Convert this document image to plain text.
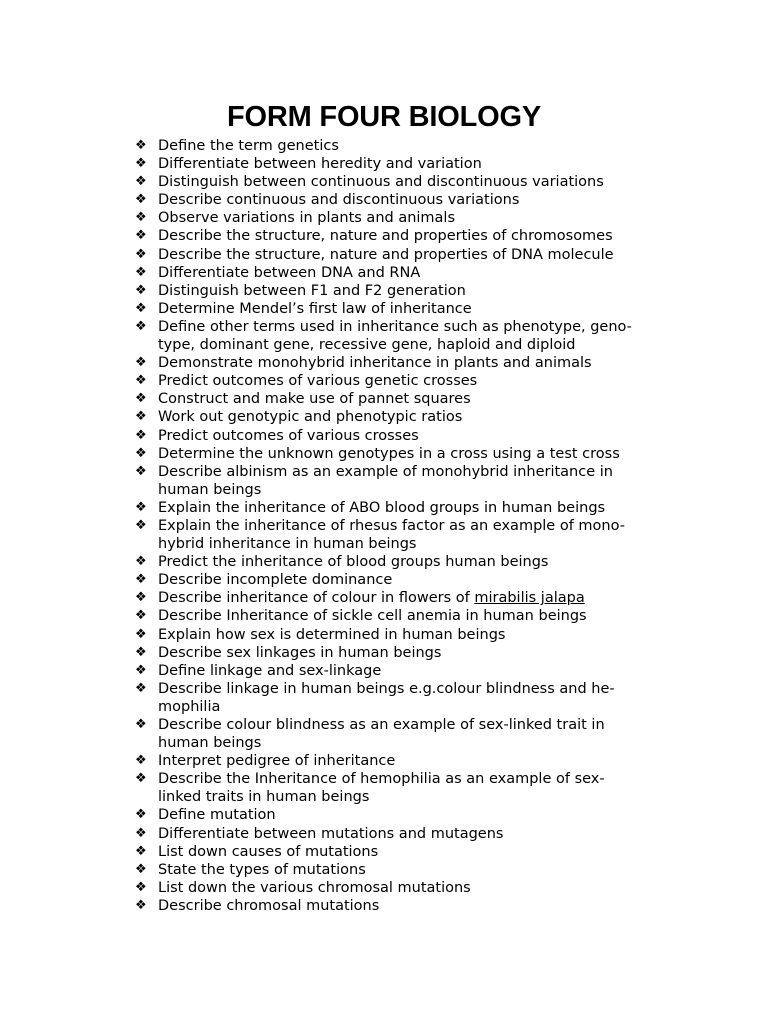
FORM FOUR BIOLOGY
❖ Define the term genetics
❖ Differentiate between heredity and variation
❖ Distinguish between continuous and discontinuous variations
❖ Describe continuous and discontinuous variations
❖ Observe variations in plants and animals
❖ Describe the structure, nature and properties of chromosomes
❖ Describe the structure, nature and properties of DNA molecule
❖ Differentiate between DNA and RNA
❖ Distinguish between F1 and F2 generation
❖ Determine Mendel’s first law of inheritance
❖ Define other terms used in inheritance such as phenotype, geno-
type, dominant gene, recessive gene, haploid and diploid
❖ Demonstrate monohybrid inheritance in plants and animals
❖ Predict outcomes of various genetic crosses
❖ Construct and make use of pannet squares
❖ Work out genotypic and phenotypic ratios
❖ Predict outcomes of various crosses
❖ Determine the unknown genotypes in a cross using a test cross
❖ Describe albinism as an example of monohybrid inheritance in
human beings
❖ Explain the inheritance of ABO blood groups in human beings
❖ Explain the inheritance of rhesus factor as an example of mono-
hybrid inheritance in human beings
❖ Predict the inheritance of blood groups human beings
❖ Describe incomplete dominance
❖ Describe inheritance of colour in flowers of mirabilis jalapa
❖ Describe Inheritance of sickle cell anemia in human beings
❖ Explain how sex is determined in human beings
❖ Describe sex linkages in human beings
❖ Define linkage and sex-linkage
❖ Describe linkage in human beings e.g.colour blindness and he-
mophilia
❖ Describe colour blindness as an example of sex-linked trait in
human beings
❖ Interpret pedigree of inheritance
❖ Describe the Inheritance of hemophilia as an example of sex-
linked traits in human beings
❖ Define mutation
❖ Differentiate between mutations and mutagens
❖ List down causes of mutations
❖ State the types of mutations
❖ List down the various chromosal mutations
❖ Describe chromosal mutations
